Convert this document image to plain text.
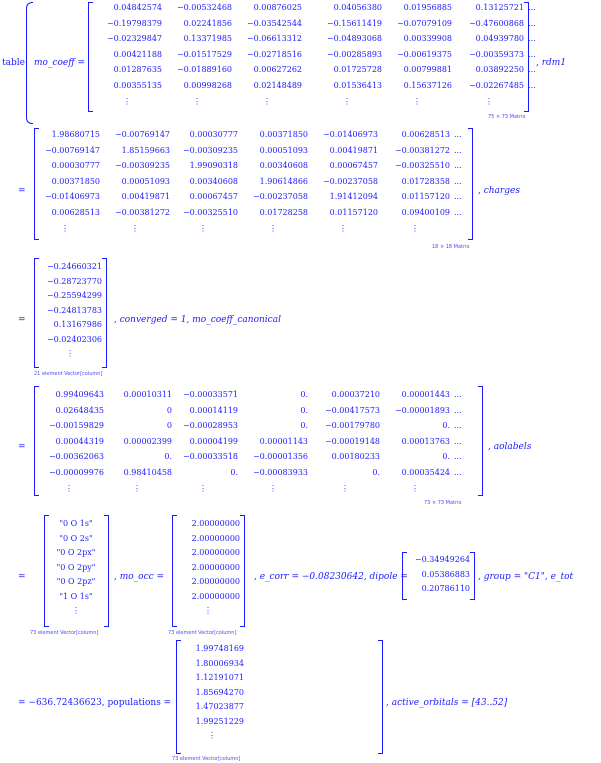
table mo_coeff =
0.04842574	−0.00532468	0.00876025	0.04056380	0.01956885	0.13125721 ...
−0.19798379	0.02241856	−0.03542544	−0.15611419	−0.07079109	−0.47600868 ...
−0.02329847	0.13371985	−0.06613312	−0.04893068	0.00339908	0.04939780 ...
0.00421188	−0.01517529	−0.02718516	−0.00285893	−0.00619375	−0.00359373 ...
0.01287635	−0.01889160	0.00627262	0.01725728	0.00799881	0.03892250 ...
0.00355135	0.00998268	0.02148489	0.01536413	0.15637126	−0.02267485 ...
⋮	⋮	⋮	⋮	⋮	⋮
, rdm1
75 × 73 Matrix
=
1.98680715	−0.00769147	0.00030777	0.00371850	−0.01406973	0.00628513 ...
−0.00769147	1.85159663	−0.00309235	0.00051093	0.00419871	−0.00381272 ...
0.00030777	−0.00309235	1.99090318	0.00340608	0.00067457	−0.00325510 ...
0.00371850	0.00051093	0.00340608	1.90614866	−0.00237058	0.01728358 ...
−0.01406973	0.00419871	0.00067457	−0.00237058	1.91412094	0.01157120 ...
0.00628513	−0.00381272	−0.00325510	0.01728258	0.01157120	0.09400109 ...
⋮	⋮	⋮	⋮	⋮	⋮
, charges
18 × 18 Matrix
=
−0.24660321
−0.28723770
−0.25594299
−0.24813783
0.13167986
−0.02402306
⋮
, converged = 1, mo_coeff_canonical
21 element Vector[column]
=
0.99409643	0.00010311	−0.00033571	0.	0.00037210	0.00001443 ...
0.02648435	0	0.00014119	0.	−0.00417573	−0.00001893 ...
−0.00159829	0	−0.00028953	0.	−0.00179780	0. ...
0.00044319	0.00002399	0.00004199	0.00001143	−0.00019148	0.00013763 ...
−0.00362063	0.	−0.00033518	−0.00001356	0.00180233	0. ...
−0.00009976	0.98410458	0.	−0.00083933	0.	0.00035424 ...
⋮	⋮	⋮	⋮	⋮	⋮
, aolabels
73 × 73 Matrix
=
"0 O 1s"
"0 O 2s"
"0 O 2px"
"0 O 2py"
"0 O 2pz"
"1 O 1s"
⋮
73 element Vector[column]
, mo_occ =
2.00000000
2.00000000
2.00000000
2.00000000
2.00000000
2.00000000
⋮
73 element Vector[column]
, e_corr = −0.08230642, dipole =
−0.34949264
0.05386883
0.20786110
, group = "C1", e_tot
= −636.72436623, populations =
1.99748169
1.80006934
1.12191071
1.85694270
1.47023877
1.99251229
⋮
73 element Vector[column]
, active_orbitals = [43..52]
